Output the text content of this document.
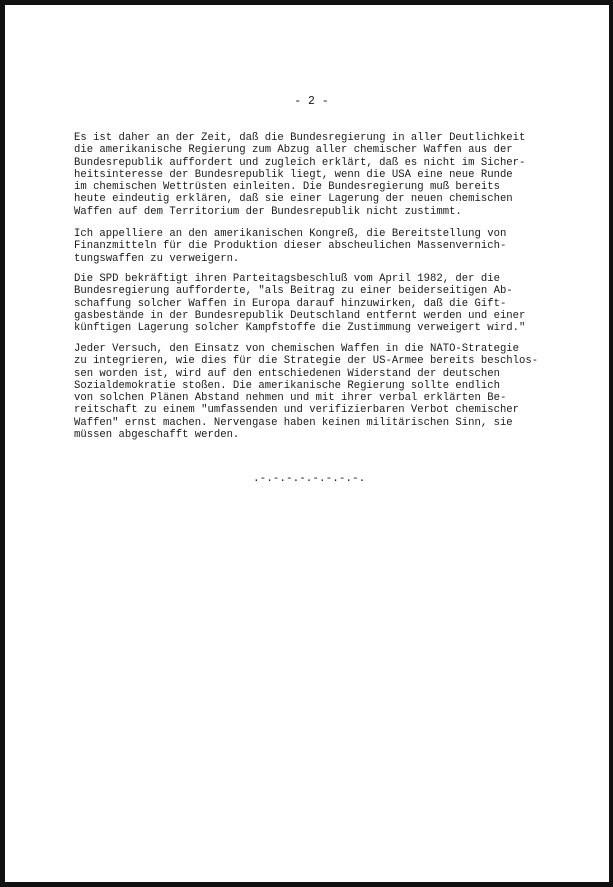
- 2 -
Es ist daher an der Zeit, daß die Bundesregierung in aller Deutlichkeit
die amerikanische Regierung zum Abzug aller chemischer Waffen aus der
Bundesrepublik auffordert und zugleich erklärt, daß es nicht im Sicher-
heitsinteresse der Bundesrepublik liegt, wenn die USA eine neue Runde
im chemischen Wettrüsten einleiten. Die Bundesregierung muß bereits
heute eindeutig erklären, daß sie einer Lagerung der neuen chemischen
Waffen auf dem Territorium der Bundesrepublik nicht zustimmt.
Ich appelliere an den amerikanischen Kongreß, die Bereitstellung von
Finanzmitteln für die Produktion dieser abscheulichen Massenvernich-
tungswaffen zu verweigern.
Die SPD bekräftigt ihren Parteitagsbeschluß vom April 1982, der die
Bundesregierung aufforderte, "als Beitrag zu einer beiderseitigen Ab-
schaffung solcher Waffen in Europa darauf hinzuwirken, daß die Gift-
gasbestände in der Bundesrepublik Deutschland entfernt werden und einer
künftigen Lagerung solcher Kampfstoffe die Zustimmung verweigert wird."
Jeder Versuch, den Einsatz von chemischen Waffen in die NATO-Strategie
zu integrieren, wie dies für die Strategie der US-Armee bereits beschlos-
sen worden ist, wird auf den entschiedenen Widerstand der deutschen
Sozialdemokratie stoßen. Die amerikanische Regierung sollte endlich
von solchen Plänen Abstand nehmen und mit ihrer verbal erklärten Be-
reitschaft zu einem "umfassenden und verifizierbaren Verbot chemischer
Waffen" ernst machen. Nervengase haben keinen militärischen Sinn, sie
müssen abgeschafft werden.
.-.-.-.-.-.-.-.-.
